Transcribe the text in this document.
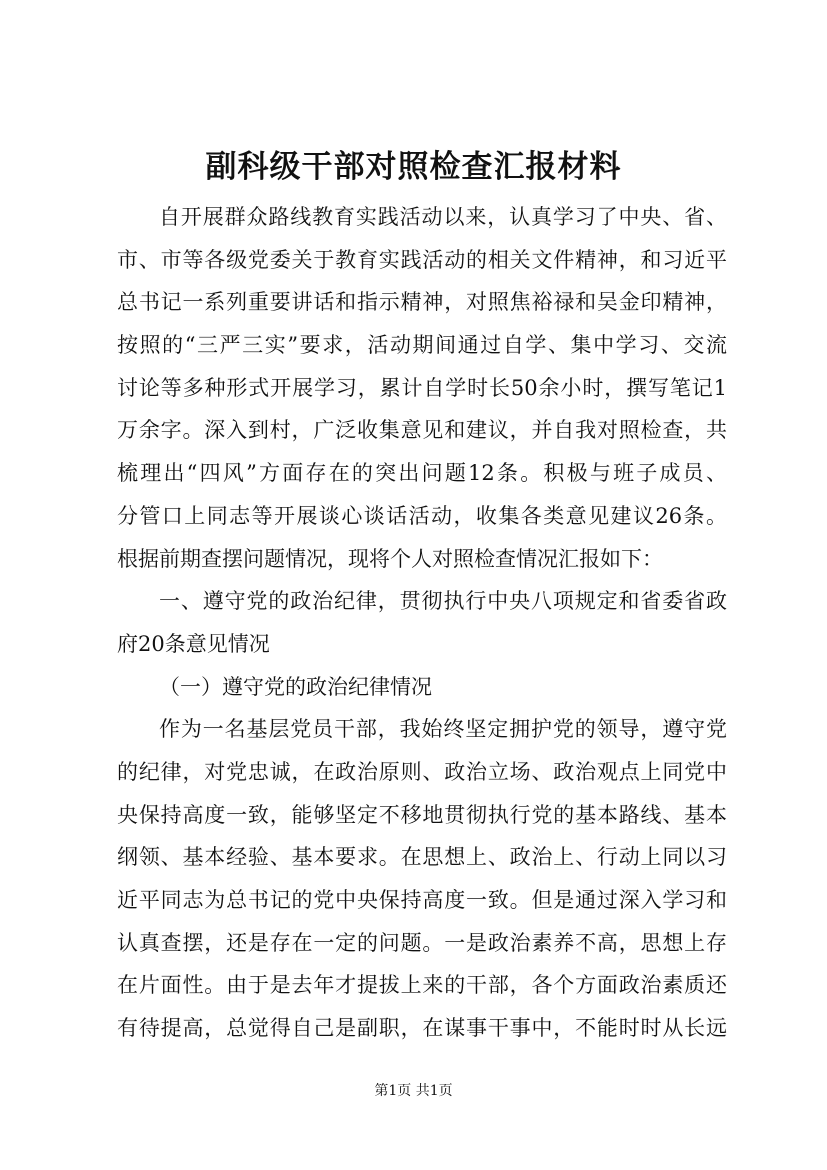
副科级干部对照检查汇报材料
自开展群众路线教育实践活动以来，认真学习了中央、省、
市、市等各级党委关于教育实践活动的相关文件精神，和习近平
总书记一系列重要讲话和指示精神，对照焦裕禄和吴金印精神，
按照的“三严三实”要求，活动期间通过自学、集中学习、交流
讨论等多种形式开展学习，累计自学时长50余小时，撰写笔记1
万余字。深入到村，广泛收集意见和建议，并自我对照检查，共
梳理出“四风”方面存在的突出问题12条。积极与班子成员、
分管口上同志等开展谈心谈话活动，收集各类意见建议26条。
根据前期查摆问题情况，现将个人对照检查情况汇报如下：
一、遵守党的政治纪律，贯彻执行中央八项规定和省委省政
府20条意见情况
（一）遵守党的政治纪律情况
作为一名基层党员干部，我始终坚定拥护党的领导，遵守党
的纪律，对党忠诚，在政治原则、政治立场、政治观点上同党中
央保持高度一致，能够坚定不移地贯彻执行党的基本路线、基本
纲领、基本经验、基本要求。在思想上、政治上、行动上同以习
近平同志为总书记的党中央保持高度一致。但是通过深入学习和
认真查摆，还是存在一定的问题。一是政治素养不高，思想上存
在片面性。由于是去年才提拔上来的干部，各个方面政治素质还
有待提高，总觉得自己是副职，在谋事干事中，不能时时从长远
第1页 共1页
